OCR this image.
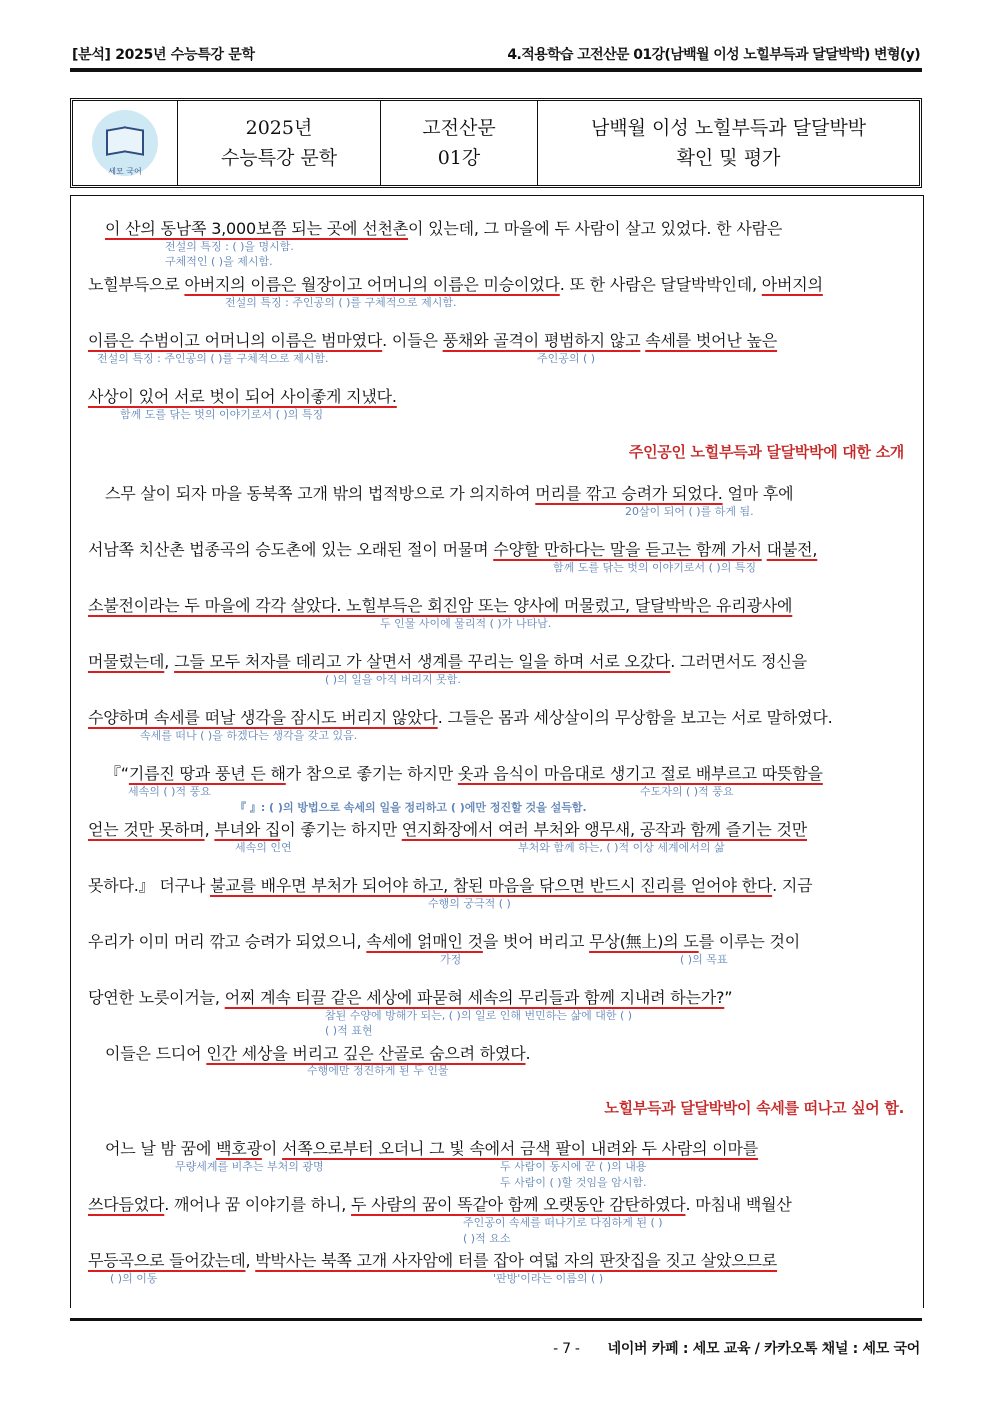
[분석] 2025년 수능특강 문학	4.적용학습 고전산문 01강(남백월 이성 노힐부득과 달달박박) 변형(y)
세모 국어
2025년
수능특강 문학
고전산문
01강
남백월 이성 노힐부득과 달달박박
확인 및 평가
이 산의 동남쪽 3,000보쯤 되는 곳에 선천촌이 있는데, 그 마을에 두 사람이 살고 있었다. 한 사람은
전설의 특징 : ( )을 명시함.
구체적인 ( )을 제시함.
노힐부득으로 아버지의 이름은 월장이고 어머니의 이름은 미승이었다. 또 한 사람은 달달박박인데, 아버지의
전설의 특징 : 주인공의 ( )를 구체적으로 제시함.
이름은 수범이고 어머니의 이름은 범마였다. 이들은 풍채와 골격이 평범하지 않고 속세를 벗어난 높은
전설의 특징 : 주인공의 ( )를 구체적으로 제시함.	주인공의 ( )
사상이 있어 서로 벗이 되어 사이좋게 지냈다.
함께 도를 닦는 벗의 이야기로서 ( )의 특징
주인공인 노힐부득과 달달박박에 대한 소개
스무 살이 되자 마을 동북쪽 고개 밖의 법적방으로 가 의지하여 머리를 깎고 승려가 되었다. 얼마 후에
20살이 되어 ( )를 하게 됨.
서남쪽 치산촌 법종곡의 승도촌에 있는 오래된 절이 머물며 수양할 만하다는 말을 듣고는 함께 가서 대불전,
함께 도를 닦는 벗의 이야기로서 ( )의 특징
소불전이라는 두 마을에 각각 살았다. 노힐부득은 회진암 또는 양사에 머물렀고, 달달박박은 유리광사에
두 인물 사이에 물리적 ( )가 나타남.
머물렀는데, 그들 모두 처자를 데리고 가 살면서 생계를 꾸리는 일을 하며 서로 오갔다. 그러면서도 정신을
( )의 일을 아직 버리지 못함.
수양하며 속세를 떠날 생각을 잠시도 버리지 않았다. 그들은 몸과 세상살이의 무상함을 보고는 서로 말하였다.
속세를 떠나 ( )을 하겠다는 생각을 갖고 있음.
『“기름진 땅과 풍년 든 해가 참으로 좋기는 하지만 옷과 음식이 마음대로 생기고 절로 배부르고 따뜻함을
세속의 ( )적 풍요	수도자의 ( )적 풍요
『 』: ( )의 방법으로 속세의 일을 정리하고 ( )에만 정진할 것을 설득함.
얻는 것만 못하며, 부녀와 집이 좋기는 하지만 연지화장에서 여러 부처와 앵무새, 공작과 함께 즐기는 것만
세속의 인연	부처와 함께 하는, ( )적 이상 세계에서의 삶
못하다.』 더구나 불교를 배우면 부처가 되어야 하고, 참된 마음을 닦으면 반드시 진리를 얻어야 한다. 지금
수행의 궁극적 ( )
우리가 이미 머리 깎고 승려가 되었으니, 속세에 얽매인 것을 벗어 버리고 무상(無上)의 도를 이루는 것이
가정	( )의 목표
당연한 노릇이거늘, 어찌 계속 티끌 같은 세상에 파묻혀 세속의 무리들과 함께 지내려 하는가?”
참된 수양에 방해가 되는, ( )의 일로 인해 번민하는 삶에 대한 ( )
( )적 표현
이들은 드디어 인간 세상을 버리고 깊은 산골로 숨으려 하였다.
수행에만 정진하게 된 두 인물
노힐부득과 달달박박이 속세를 떠나고 싶어 함.
어느 날 밤 꿈에 백호광이 서쪽으로부터 오더니 그 빛 속에서 금색 팔이 내려와 두 사람의 이마를
무량세계를 비추는 부처의 광명	두 사람이 동시에 꾼 ( )의 내용
두 사람이 ( )할 것임을 암시함.
쓰다듬었다. 깨어나 꿈 이야기를 하니, 두 사람의 꿈이 똑같아 함께 오랫동안 감탄하였다. 마침내 백월산
주인공이 속세를 떠나기로 다짐하게 된 ( )
( )적 요소
무등곡으로 들어갔는데, 박박사는 북쪽 고개 사자암에 터를 잡아 여덟 자의 판잣집을 짓고 살았으므로
( )의 이동	'판방'이라는 이름의 ( )
- 7 - 네이버 카페 : 세모 교육 / 카카오톡 채널 : 세모 국어
